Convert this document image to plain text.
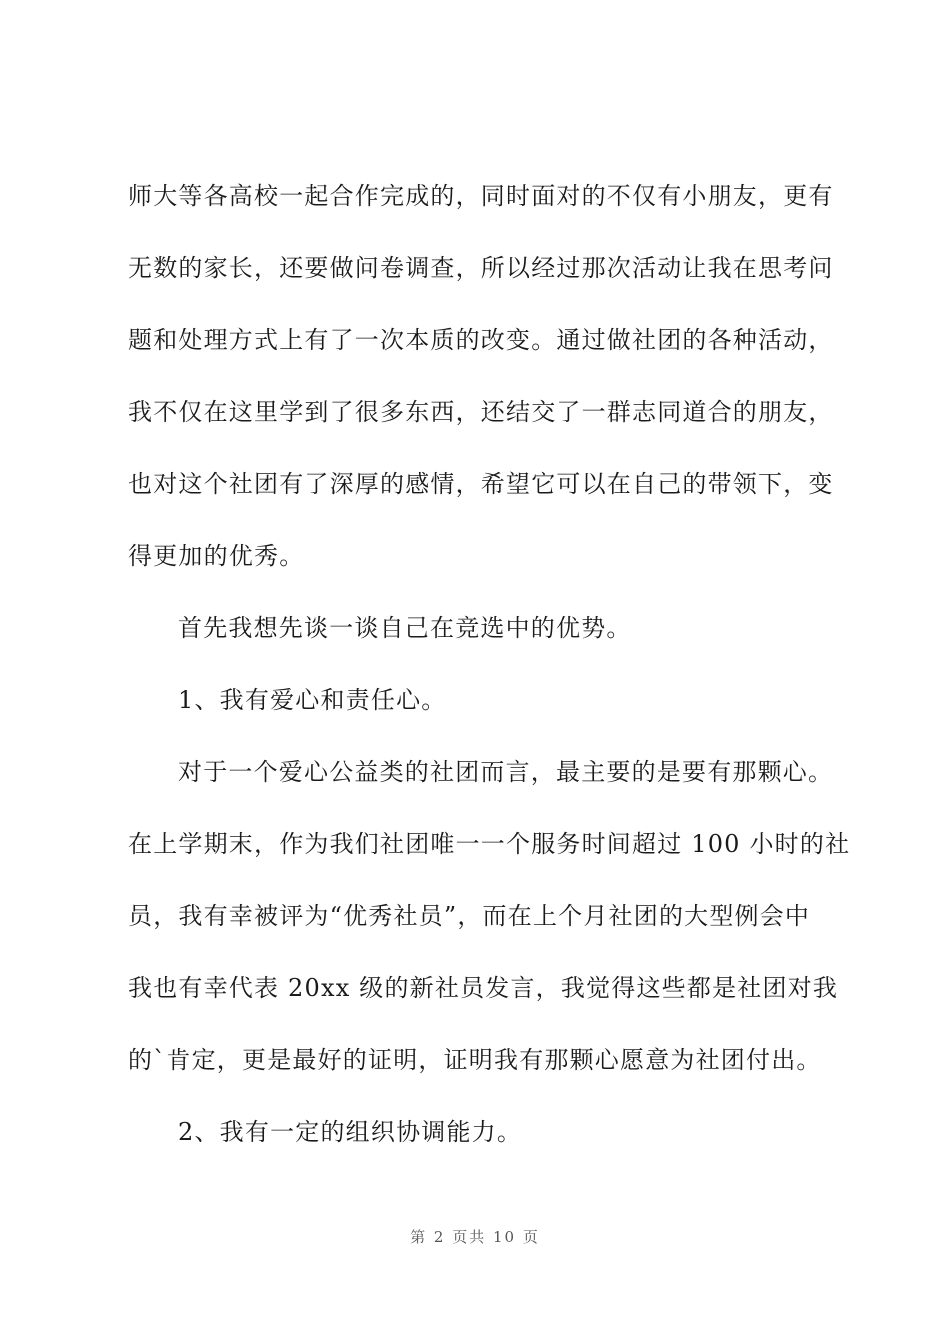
师大等各高校一起合作完成的，同时面对的不仅有小朋友，更有
无数的家长，还要做问卷调查，所以经过那次活动让我在思考问
题和处理方式上有了一次本质的改变。通过做社团的各种活动，
我不仅在这里学到了很多东西，还结交了一群志同道合的朋友，
也对这个社团有了深厚的感情，希望它可以在自己的带领下，变
得更加的优秀。
首先我想先谈一谈自己在竞选中的优势。
1、我有爱心和责任心。
对于一个爱心公益类的社团而言，最主要的是要有那颗心。
在上学期末，作为我们社团唯一一个服务时间超过 100 小时的社
员，我有幸被评为“优秀社员”，而在上个月社团的大型例会中
我也有幸代表 20xx 级的新社员发言，我觉得这些都是社团对我
的`肯定，更是最好的证明，证明我有那颗心愿意为社团付出。
2、我有一定的组织协调能力。
第 2 页共 10 页
